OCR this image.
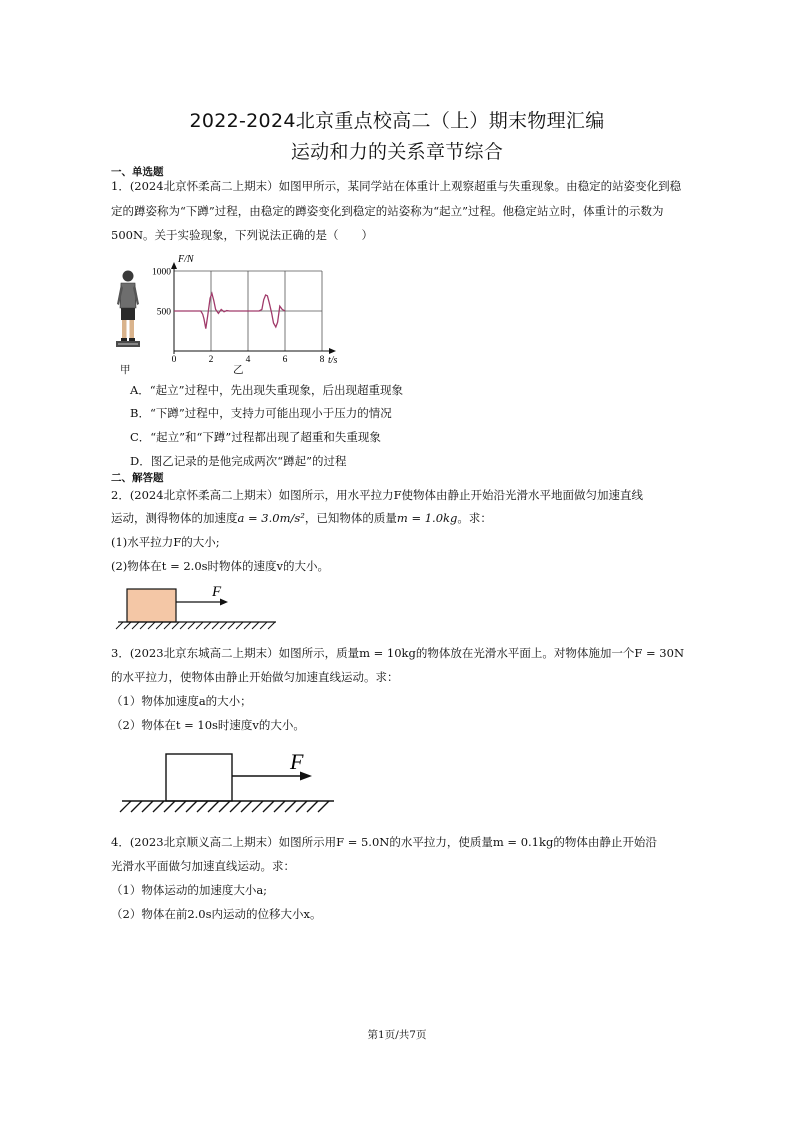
2022-2024北京重点校高二（上）期末物理汇编
运动和力的关系章节综合
一、单选题
1．(2024北京怀柔高二上期末）如图甲所示，某同学站在体重计上观察超重与失重现象。由稳定的站姿变化到稳定的蹲姿称为“下蹲”过程，由稳定的蹲姿变化到稳定的站姿称为“起立”过程。他稳定站立时，体重计的示数为500N。关于实验现象，下列说法正确的是（　　）
甲
0	2	4	6	8
500
1000
F/N
t/s
乙
A．“起立”过程中，先出现失重现象，后出现超重现象
B．“下蹲”过程中，支持力可能出现小于压力的情况
C．“起立”和“下蹲”过程都出现了超重和失重现象
D．图乙记录的是他完成两次“蹲起”的过程
二、解答题
2．(2024北京怀柔高二上期末）如图所示，用水平拉力F使物体由静止开始沿光滑水平地面做匀加速直线
运动，测得物体的加速度a = 3.0m/s²，已知物体的质量m = 1.0kg。求：
(1)水平拉力F的大小;
(2)物体在t = 2.0s时物体的速度v的大小。
F
3．(2023北京东城高二上期末）如图所示，质量m = 10kg的物体放在光滑水平面上。对物体施加一个F = 30N
的水平拉力，使物体由静止开始做匀加速直线运动。求：
（1）物体加速度a的大小；
（2）物体在t = 10s时速度v的大小。
F
4．(2023北京顺义高二上期末）如图所示用F = 5.0N的水平拉力，使质量m = 0.1kg的物体由静止开始沿
光滑水平面做匀加速直线运动。求：
（1）物体运动的加速度大小a;
（2）物体在前2.0s内运动的位移大小x。
第1页/共7页
